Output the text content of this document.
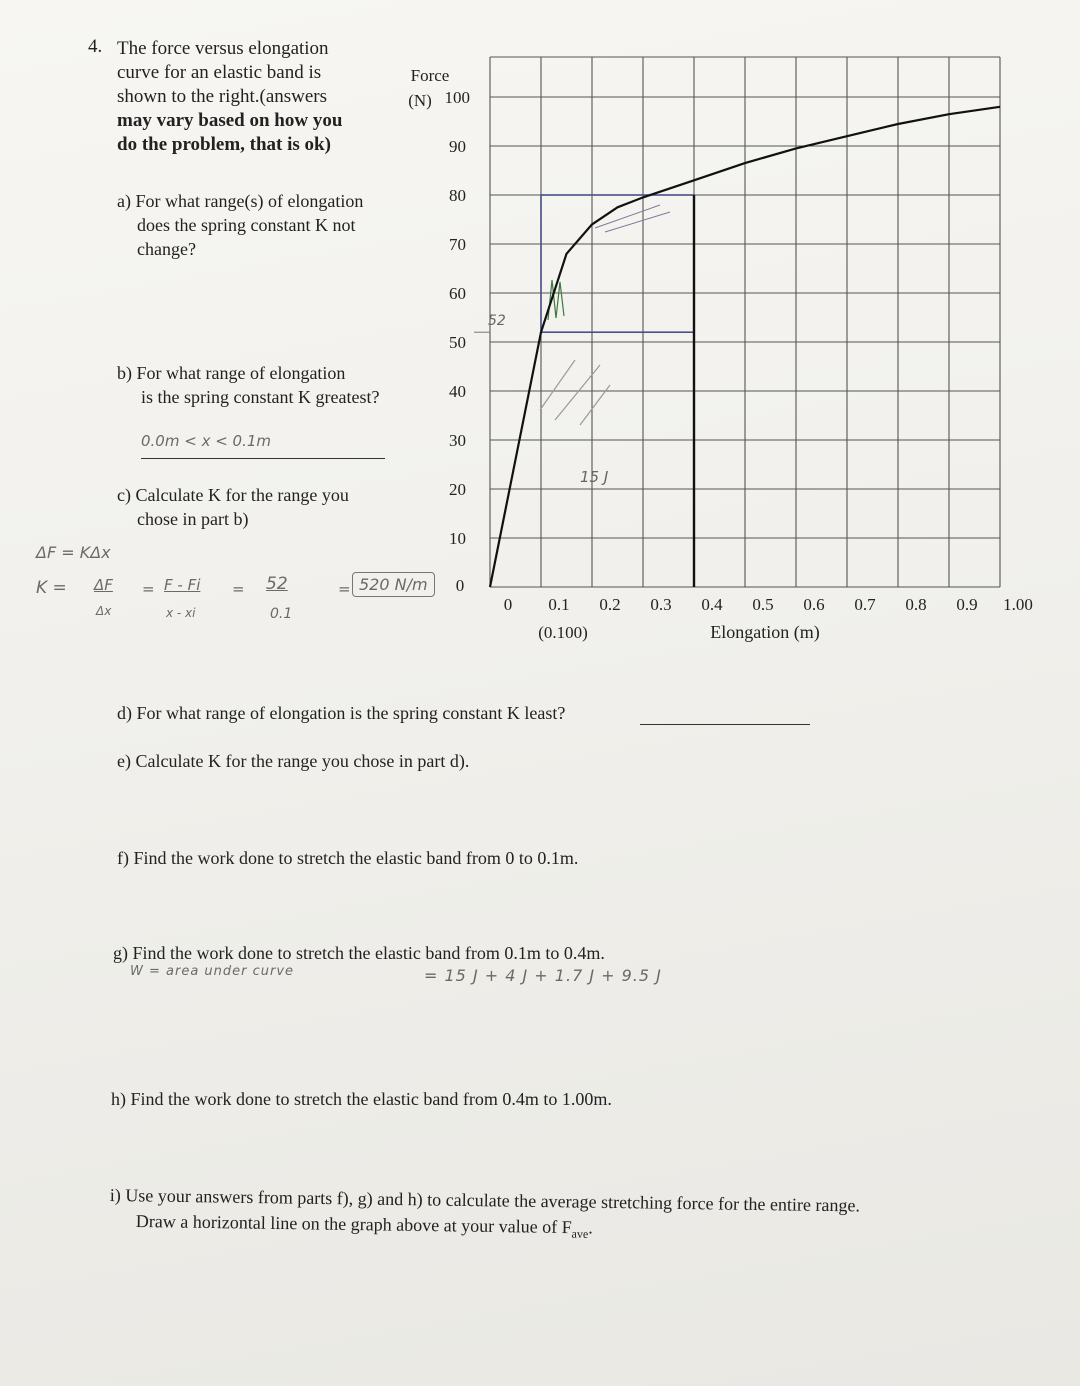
4. The force versus elongation
curve for an elastic band is
shown to the right.(answers
may vary based on how you
do the problem, that is ok)
a) For what range(s) of elongation
does the spring constant K not
change?
b) For what range of elongation
is the spring constant K greatest?
0.0m < x < 0.1m
c) Calculate K for the range you
chose in part b)
ΔF = KΔx
K = ΔF
Δx
= F - Fi
x - xi
= 52
0.1
= 520 N/m	0
10
20
30
40
50
60
70
80
90
100
Force
(N)
0 0.1 0.2 0.3 0.4 0.5 0.6 0.7 0.8 0.9 1.00
(0.100)	Elongation (m)
52
15 J
d) For what range of elongation is the spring constant K least?
e) Calculate K for the range you chose in part d).
f) Find the work done to stretch the elastic band from 0 to 0.1m.
g) Find the work done to stretch the elastic band from 0.1m to 0.4m.
W = area under curve	= 15 J + 4 J + 1.7 J + 9.5 J
h) Find the work done to stretch the elastic band from 0.4m to 1.00m.
i) Use your answers from parts f), g) and h) to calculate the average stretching force for the entire range.
Draw a horizontal line on the graph above at your value of $F_{ave}$.
